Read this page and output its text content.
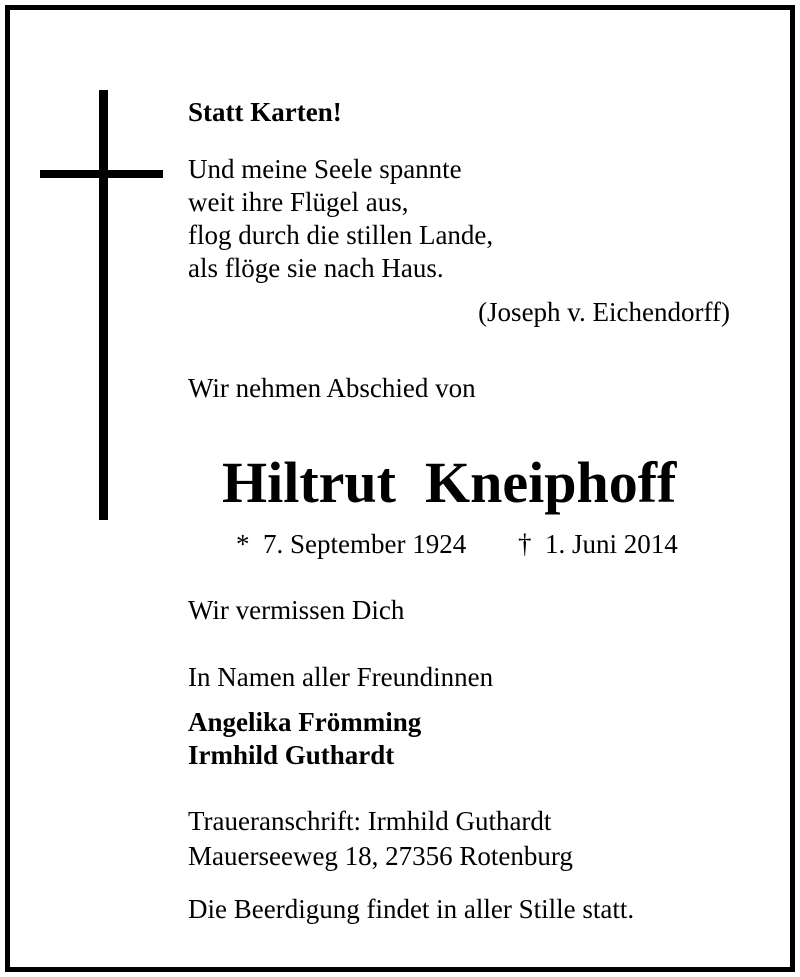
Statt Karten!

Und meine Seele spannte
weit ihre Flügel aus,
flog durch die stillen Lande,
als flöge sie nach Haus.

(Joseph v. Eichendorff)

Wir nehmen Abschied von

Hiltrut  Kneiphoff

*  7. September 1924 †  1. Juni 2014

Wir vermissen Dich

In Namen aller Freundinnen

Angelika Frömming
Irmhild Guthardt

Traueranschrift: Irmhild Guthardt

Mauerseeweg 18, 27356 Rotenburg

Die Beerdigung findet in aller Stille statt.
